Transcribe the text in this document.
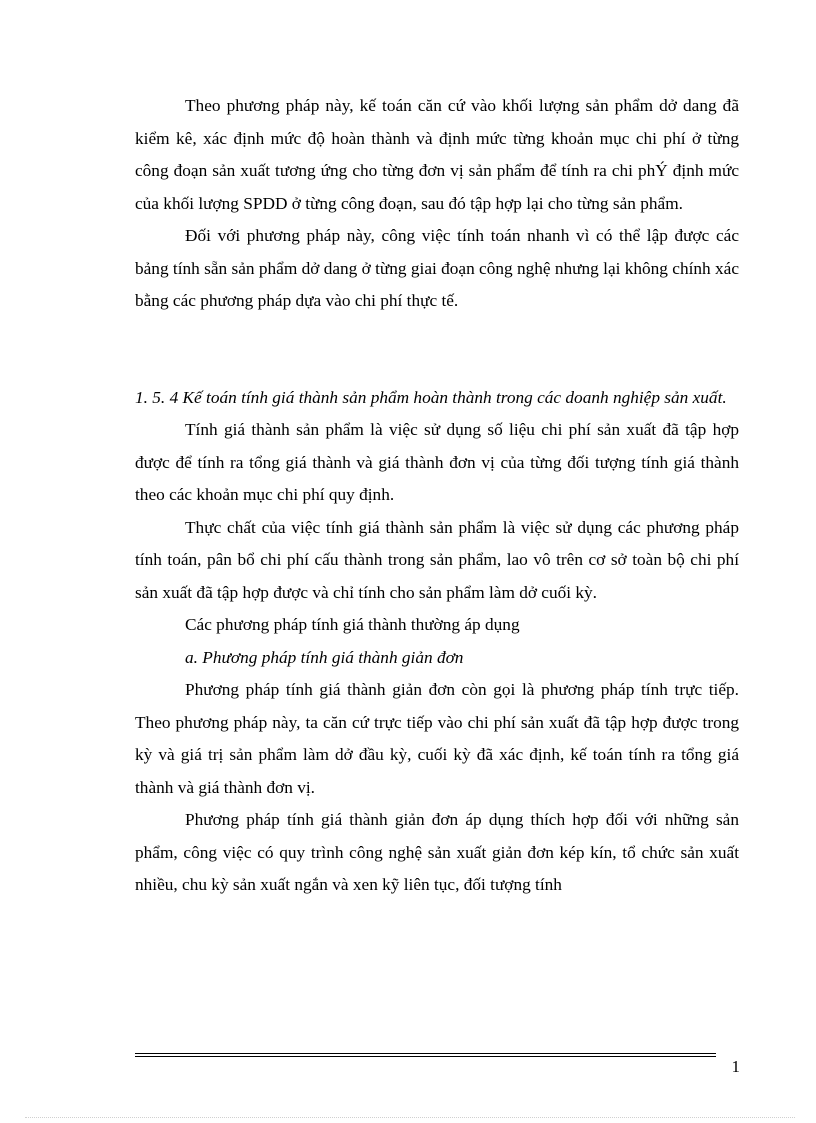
Theo phương pháp này, kế toán căn cứ vào khối lượng sản phẩm dở dang đã kiểm kê, xác định mức độ hoàn thành và định mức từng khoản mục chi phí ở từng công đoạn sản xuất tương ứng cho từng đơn vị sản phẩm để tính ra chi phÝ định mức của khối lượng SPDD ở từng công đoạn, sau đó tập hợp lại cho từng sản phẩm.

Đối với phương pháp này, công việc tính toán nhanh vì có thể lập được các bảng tính sẵn sản phẩm dở dang ở từng giai đoạn công nghệ nhưng lại không chính xác bằng các phương pháp dựa vào chi phí thực tế.

1. 5. 4 Kế toán tính giá thành sản phẩm hoàn thành trong các doanh nghiệp sản xuất.

Tính giá thành sản phẩm là việc sử dụng số liệu chi phí sản xuất đã tập hợp được để tính ra tổng giá thành và giá thành đơn vị của từng đối tượng tính giá thành theo các khoản mục chi phí quy định.

Thực chất của việc tính giá thành sản phẩm là việc sử dụng các phương pháp tính toán, pân bổ chi phí cấu thành trong sản phẩm, lao vô trên cơ sở toàn bộ chi phí sản xuất đã tập hợp được và chỉ tính cho sản phẩm làm dở cuối kỳ.

Các phương pháp tính giá thành thường áp dụng

a. Phương pháp tính giá thành giản đơn

Phương pháp tính giá thành giản đơn còn gọi là phương pháp tính trực tiếp. Theo phương pháp này, ta căn cứ trực tiếp vào chi phí sản xuất đã tập hợp được trong kỳ và giá trị sản phẩm làm dở đầu kỳ, cuối kỳ đã xác định, kế toán tính ra tổng giá thành và giá thành đơn vị.

Phương pháp tính giá thành giản đơn áp dụng thích hợp đối với những sản phẩm, công việc có quy trình công nghệ sản xuất giản đơn kép kín, tổ chức sản xuất nhiều, chu kỳ sản xuất ngắn và xen kỹ liên tục, đối tượng tính

1
